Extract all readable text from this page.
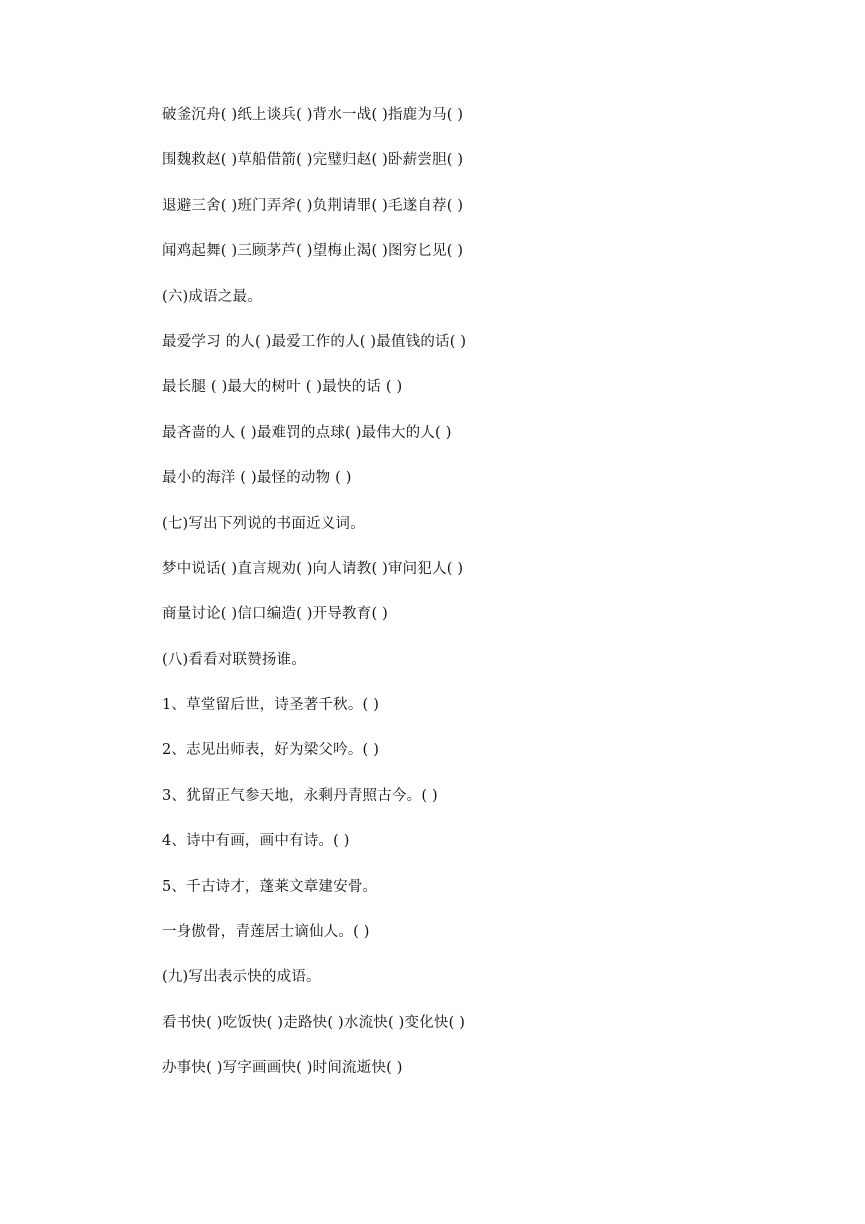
破釜沉舟( )纸上谈兵( )背水一战( )指鹿为马( )
围魏救赵( )草船借箭( )完璧归赵( )卧薪尝胆( )
退避三舍( )班门弄斧( )负荆请罪( )毛遂自荐( )
闻鸡起舞( )三顾茅芦( )望梅止渴( )图穷匕见( )
(六)成语之最。
最爱学习 的人( )最爱工作的人( )最值钱的话( )
最长腿 ( )最大的树叶 ( )最快的话 ( )
最吝啬的人 ( )最难罚的点球( )最伟大的人( )
最小的海洋 ( )最怪的动物 ( )
(七)写出下列说的书面近义词。
梦中说话( )直言规劝( )向人请教( )审问犯人( )
商量讨论( )信口编造( )开导教育( )
(八)看看对联赞扬谁。
1、草堂留后世，诗圣著千秋。( )
2、志见出师表，好为梁父吟。( )
3、犹留正气参天地，永剩丹青照古今。( )
4、诗中有画，画中有诗。( )
5、千古诗才，蓬莱文章建安骨。
一身傲骨，青莲居士谪仙人。( )
(九)写出表示快的成语。
看书快( )吃饭快( )走路快( )水流快( )变化快( )
办事快( )写字画画快( )时间流逝快( )
